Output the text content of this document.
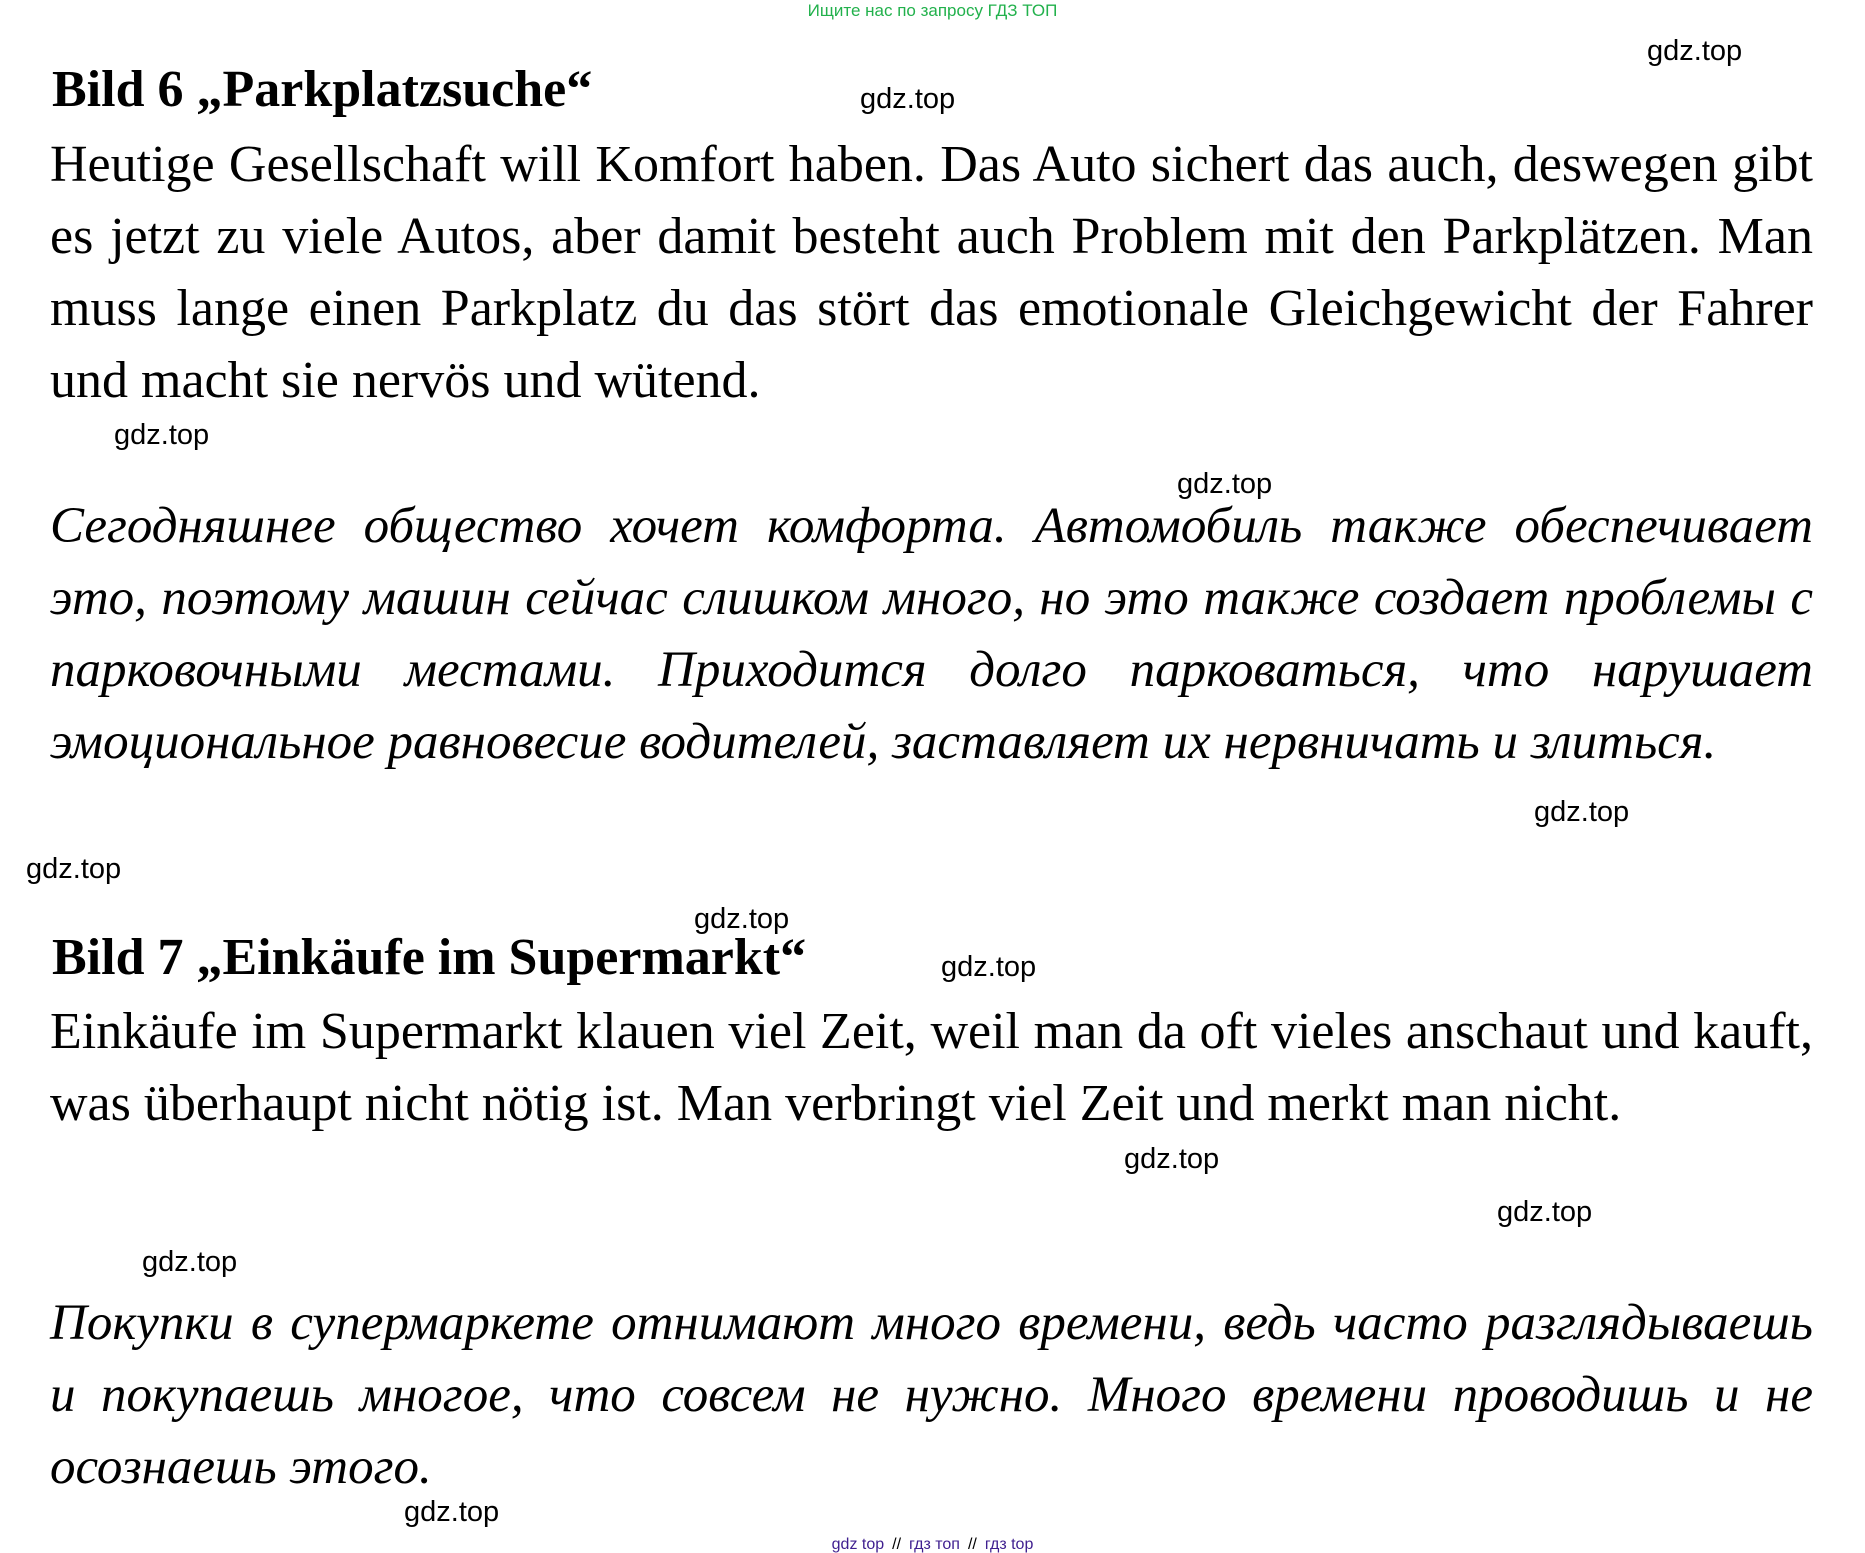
Ищите нас по запросу ГДЗ ТОП
Bild 6 „Parkplatzsuche“

Heutige Gesellschaft will Komfort haben. Das Auto sichert das auch, deswegen gibt es jetzt zu viele Autos, aber damit besteht auch Problem mit den Parkplätzen. Man muss lange einen Parkplatz du das stört das emotionale Gleichgewicht der Fahrer und macht sie nervös und wütend.

Сегодняшнее общество хочет комфорта. Автомобиль также обеспечивает это, поэтому машин сейчас слишком много, но это также создает проблемы с парковочными местами. Приходится долго парковаться, что нарушает эмоциональное равновесие водителей, заставляет их нервничать и злиться.

Bild 7 „Einkäufe im Supermarkt“

Einkäufe im Supermarkt klauen viel Zeit, weil man da oft vieles anschaut und kauft, was überhaupt nicht nötig ist. Man verbringt viel Zeit und merkt man nicht.

Покупки в супермаркете отнимают много времени, ведь часто разглядываешь и покупаешь многое, что совсем не нужно. Много времени проводишь и не осознаешь этого.

gdz.top
gdz.top
gdz.top
gdz.top
gdz.top
gdz.top
gdz.top
gdz.top
gdz.top
gdz.top
gdz.top
gdz.top
gdz top // гдз топ // гдз top
